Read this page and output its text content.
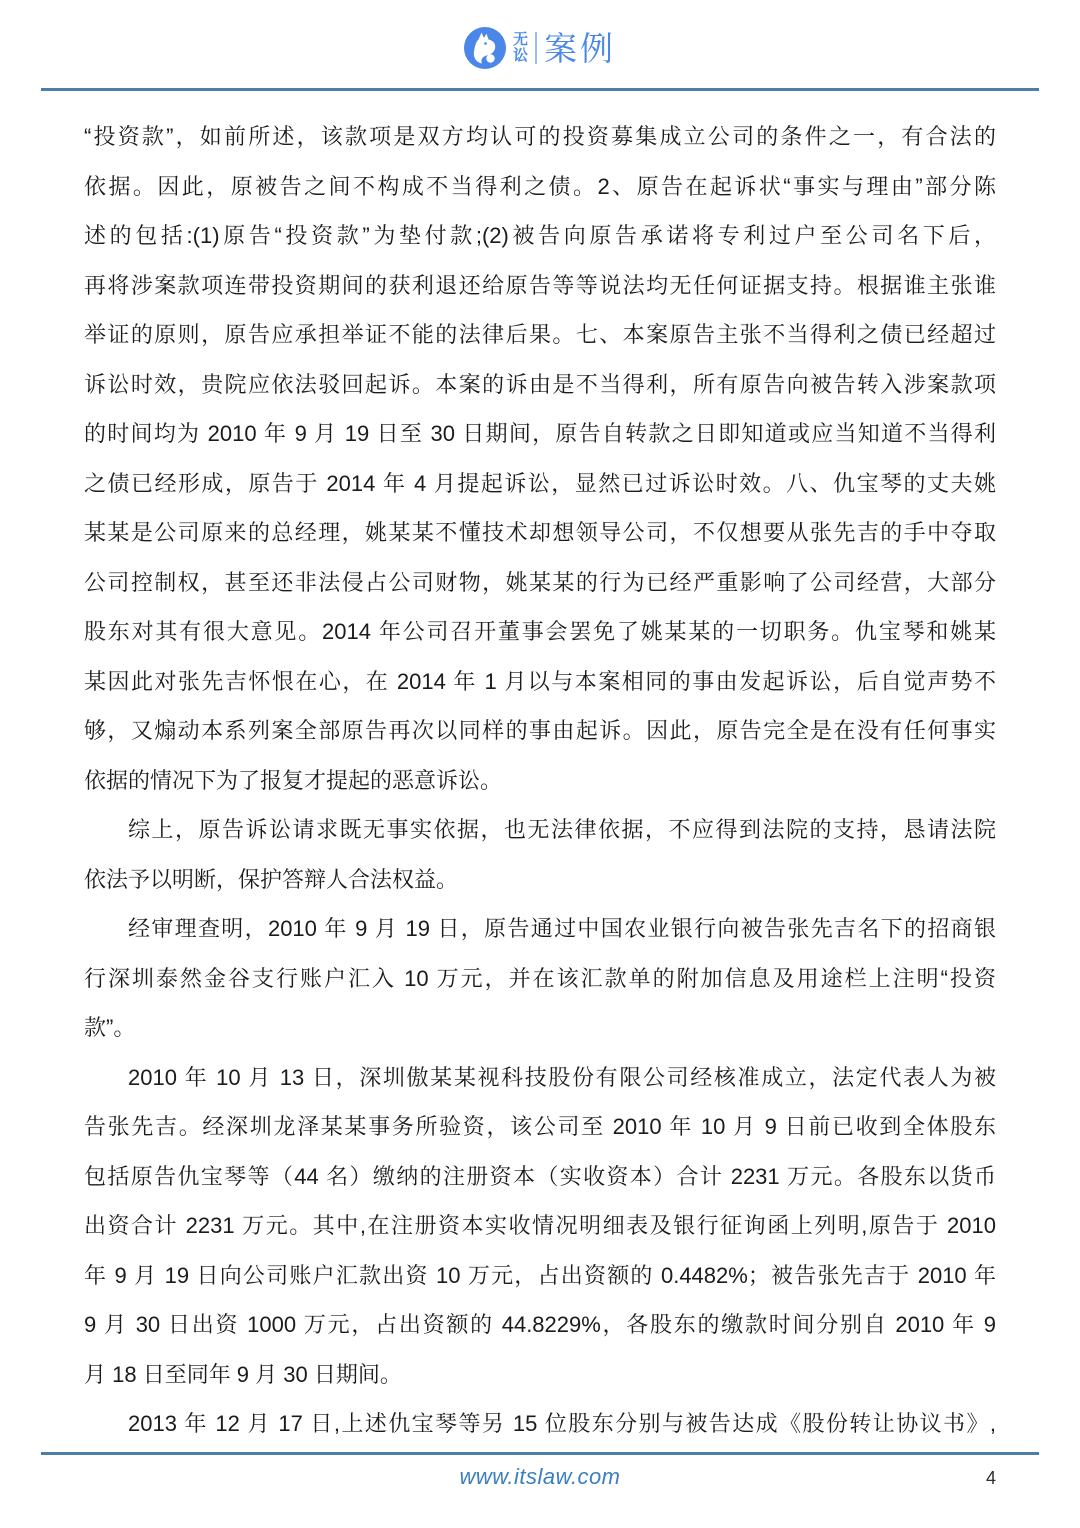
无讼 案例
“投资款”，如前所述，该款项是双方均认可的投资募集成立公司的条件之一，有合法的
依据。因此，原被告之间不构成不当得利之债。2、原告在起诉状“事实与理由”部分陈
述的包括:(1)原告“投资款”为垫付款;(2)被告向原告承诺将专利过户至公司名下后，
再将涉案款项连带投资期间的获利退还给原告等等说法均无任何证据支持。根据谁主张谁
举证的原则，原告应承担举证不能的法律后果。七、本案原告主张不当得利之债已经超过
诉讼时效，贵院应依法驳回起诉。本案的诉由是不当得利，所有原告向被告转入涉案款项
的时间均为 2010 年 9 月 19 日至 30 日期间，原告自转款之日即知道或应当知道不当得利
之债已经形成，原告于 2014 年 4 月提起诉讼，显然已过诉讼时效。八、仇宝琴的丈夫姚
某某是公司原来的总经理，姚某某不懂技术却想领导公司，不仅想要从张先吉的手中夺取
公司控制权，甚至还非法侵占公司财物，姚某某的行为已经严重影响了公司经营，大部分
股东对其有很大意见。2014 年公司召开董事会罢免了姚某某的一切职务。仇宝琴和姚某
某因此对张先吉怀恨在心，在 2014 年 1 月以与本案相同的事由发起诉讼，后自觉声势不
够，又煽动本系列案全部原告再次以同样的事由起诉。因此，原告完全是在没有任何事实
依据的情况下为了报复才提起的恶意诉讼。
综上，原告诉讼请求既无事实依据，也无法律依据，不应得到法院的支持，恳请法院
依法予以明断，保护答辩人合法权益。
经审理查明，2010 年 9 月 19 日，原告通过中国农业银行向被告张先吉名下的招商银
行深圳泰然金谷支行账户汇入 10 万元，并在该汇款单的附加信息及用途栏上注明“投资
款”。
2010 年 10 月 13 日，深圳傲某某视科技股份有限公司经核准成立，法定代表人为被
告张先吉。经深圳龙泽某某事务所验资，该公司至 2010 年 10 月 9 日前已收到全体股东
包括原告仇宝琴等（44 名）缴纳的注册资本（实收资本）合计 2231 万元。各股东以货币
出资合计 2231 万元。其中,在注册资本实收情况明细表及银行征询函上列明,原告于 2010
年 9 月 19 日向公司账户汇款出资 10 万元，占出资额的 0.4482%；被告张先吉于 2010 年
9 月 30 日出资 1000 万元，占出资额的 44.8229%，各股东的缴款时间分别自 2010 年 9
月 18 日至同年 9 月 30 日期间。
2013 年 12 月 17 日,上述仇宝琴等另 15 位股东分别与被告达成《股份转让协议书》,
www.itslaw.com	4
